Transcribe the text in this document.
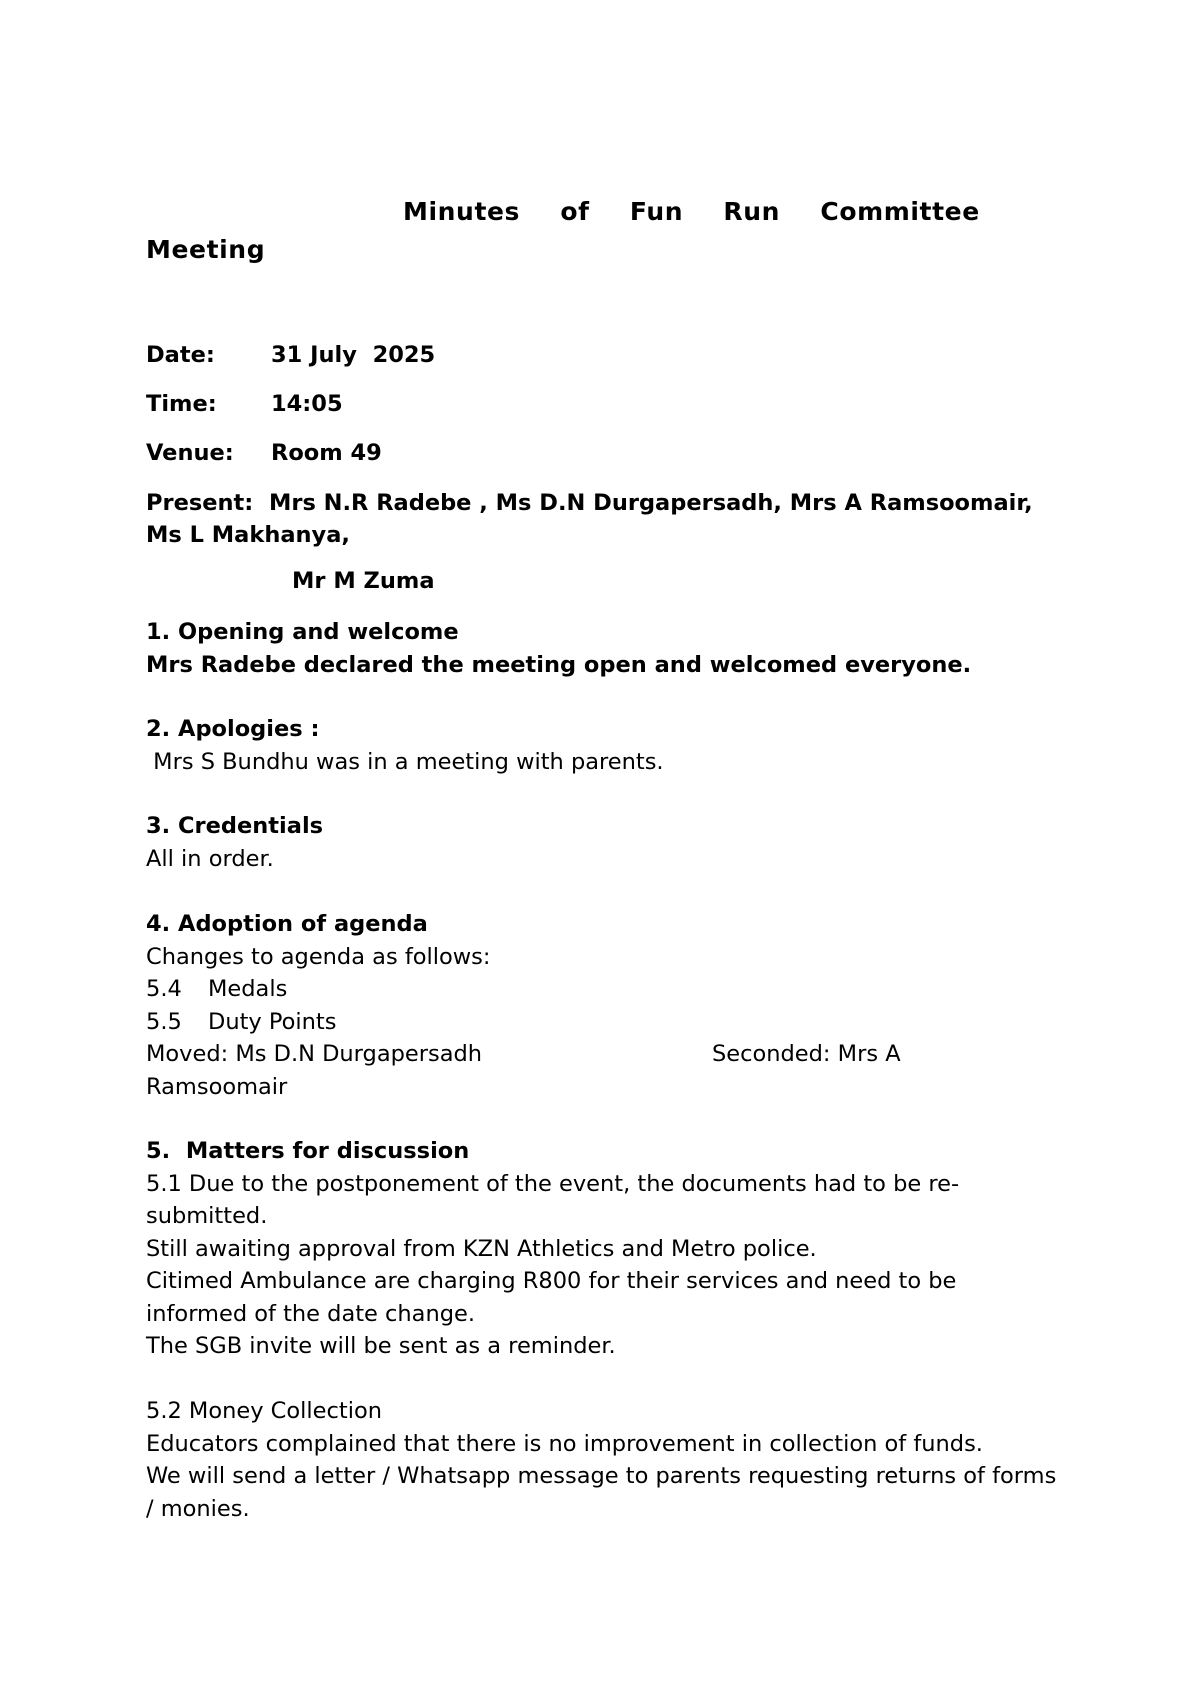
Minutes of Fun Run Committee Meeting

Date: 31 July  2025
Time: 14:05
Venue: Room 49
Present: Mrs N.R Radebe , Ms D.N Durgapersadh, Mrs A Ramsoomair, Ms L Makhanya,
Mr M Zuma

1. Opening and welcome

Mrs Radebe declared the meeting open and welcomed everyone.

2. Apologies :

Mrs S Bundhu was in a meeting with parents.

3. Credentials

All in order.

4. Adoption of agenda

Changes to agenda as follows:

5.4 Medals

5.5 Duty Points

Moved: Ms D.N Durgapersadh	Seconded: Mrs A

Ramsoomair

5.  Matters for discussion

5.1 Due to the postponement of the event, the documents had to be re-submitted.

Still awaiting approval from KZN Athletics and Metro police.

Citimed Ambulance are charging R800 for their services and need to be informed of the date change.

The SGB invite will be sent as a reminder.

5.2 Money Collection

Educators complained that there is no improvement in collection of funds.

We will send a letter / Whatsapp message to parents requesting returns of forms / monies.
